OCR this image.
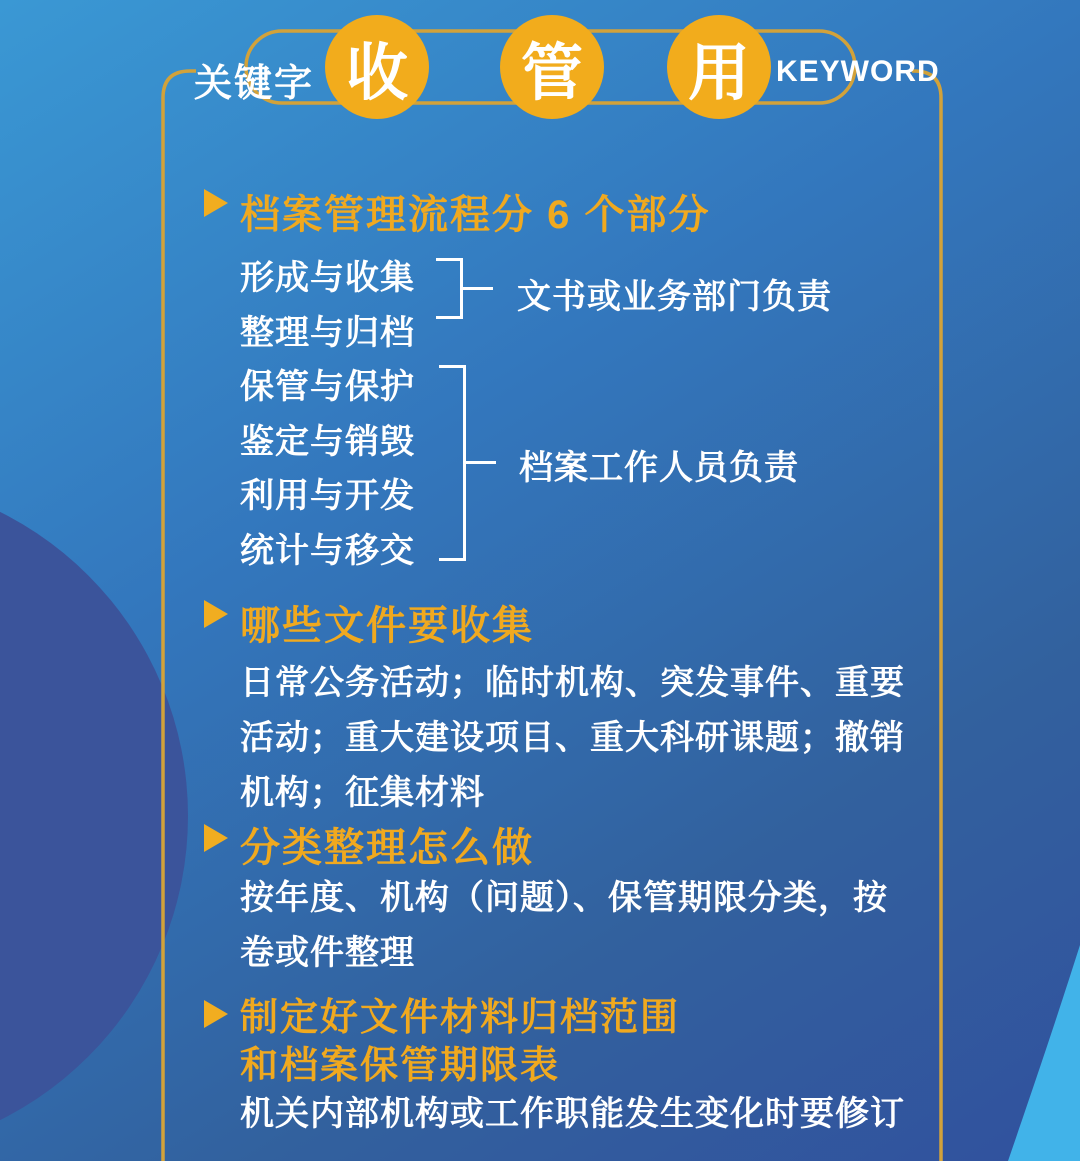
关键字 收 管 用 KEYWORD
档案管理流程分 6 个部分
形成与收集
整理与归档
保管与保护
鉴定与销毁
利用与开发
统计与移交
文书或业务部门负责
档案工作人员负责
哪些文件要收集
日常公务活动；临时机构、突发事件、重要
活动；重大建设项目、重大科研课题；撤销
机构；征集材料
分类整理怎么做
按年度、机构（问题）、保管期限分类，按
卷或件整理
制定好文件材料归档范围
和档案保管期限表
机关内部机构或工作职能发生变化时要修订
